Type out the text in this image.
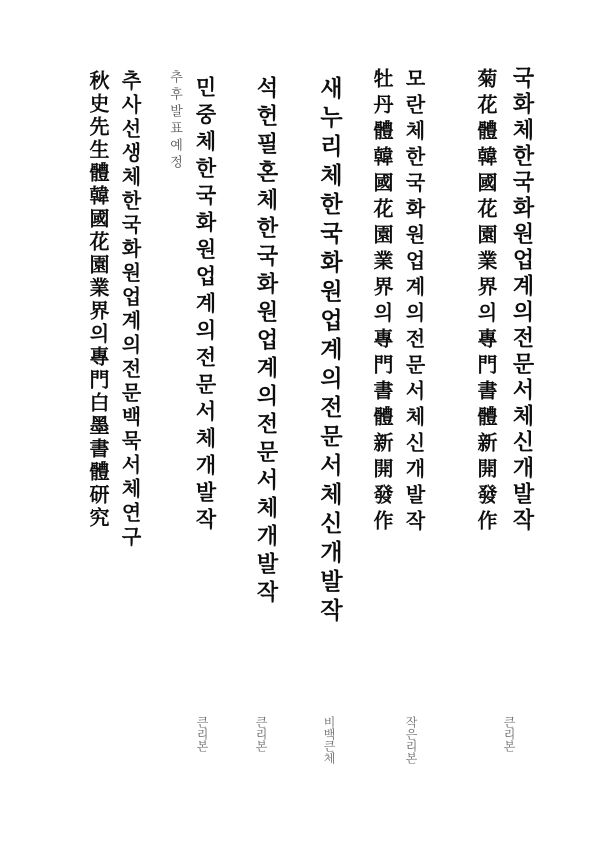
국화체한국화원업계의전문서체신개발작
菊花體韓國花園業界의專門書體新開發作
모란체한국화원업계의전문서체신개발작
牡丹體韓國花園業界의專門書體新開發作
새누리체한국화원업계의전문서체신개발작
석헌필혼체한국화원업계의전문서체개발작
민중체한국화원업계의전문서체개발작
추후발표예정
추사선생체한국화원업계의전문백묵서체연구
秋史先生體韓國花園業界의專門白墨書體研究
큰리본
작은리본
비백큰체
큰리본
큰리본
